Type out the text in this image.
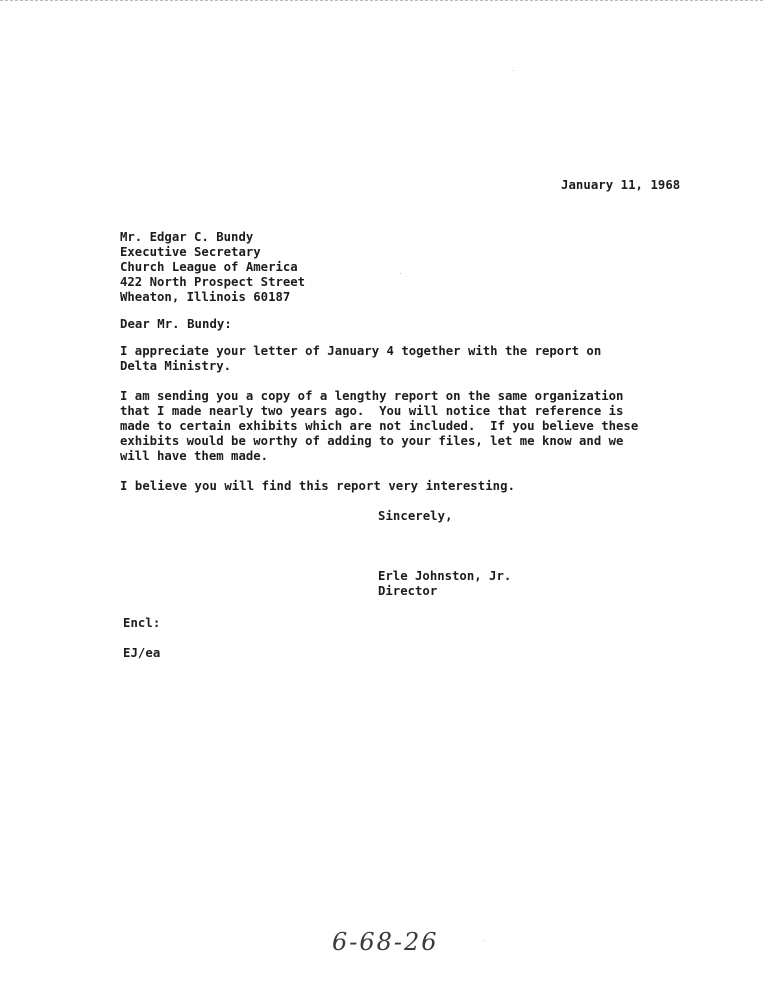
January 11, 1968
Mr. Edgar C. Bundy
Executive Secretary
Church League of America
422 North Prospect Street
Wheaton, Illinois 60187
Dear Mr. Bundy:
I appreciate your letter of January 4 together with the report on
Delta Ministry.
I am sending you a copy of a lengthy report on the same organization
that I made nearly two years ago.  You will notice that reference is
made to certain exhibits which are not included.  If you believe these
exhibits would be worthy of adding to your files, let me know and we
will have them made.
I believe you will find this report very interesting.
Sincerely,
Erle Johnston, Jr.
Director
Encl:
EJ/ea
6-68-26
